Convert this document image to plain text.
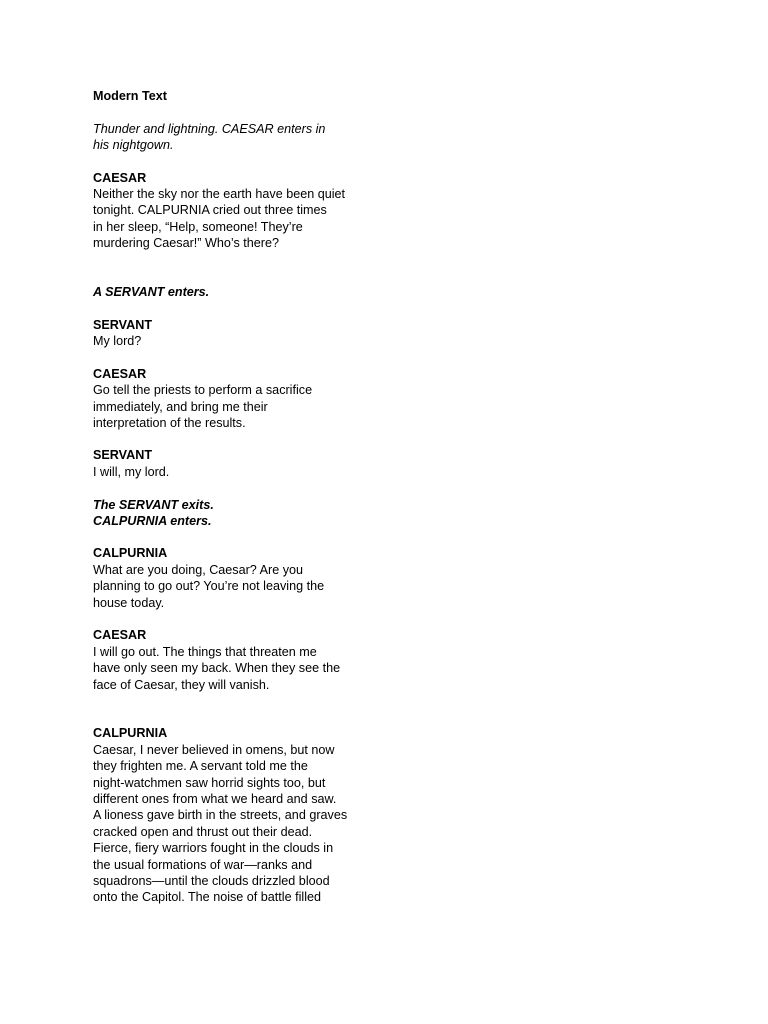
Modern Text
Thunder and lightning. CAESAR enters in
his nightgown.
CAESAR
Neither the sky nor the earth have been quiet
tonight. CALPURNIA cried out three times
in her sleep, “Help, someone! They’re
murdering Caesar!” Who’s there?
A SERVANT enters.
SERVANT
My lord?
CAESAR
Go tell the priests to perform a sacrifice
immediately, and bring me their
interpretation of the results.
SERVANT
I will, my lord.
The SERVANT exits.
CALPURNIA enters.
CALPURNIA
What are you doing, Caesar? Are you
planning to go out? You’re not leaving the
house today.
CAESAR
I will go out. The things that threaten me
have only seen my back. When they see the
face of Caesar, they will vanish.
CALPURNIA
Caesar, I never believed in omens, but now
they frighten me. A servant told me the
night-watchmen saw horrid sights too, but
different ones from what we heard and saw.
A lioness gave birth in the streets, and graves
cracked open and thrust out their dead.
Fierce, fiery warriors fought in the clouds in
the usual formations of war—ranks and
squadrons—until the clouds drizzled blood
onto the Capitol. The noise of battle filled
